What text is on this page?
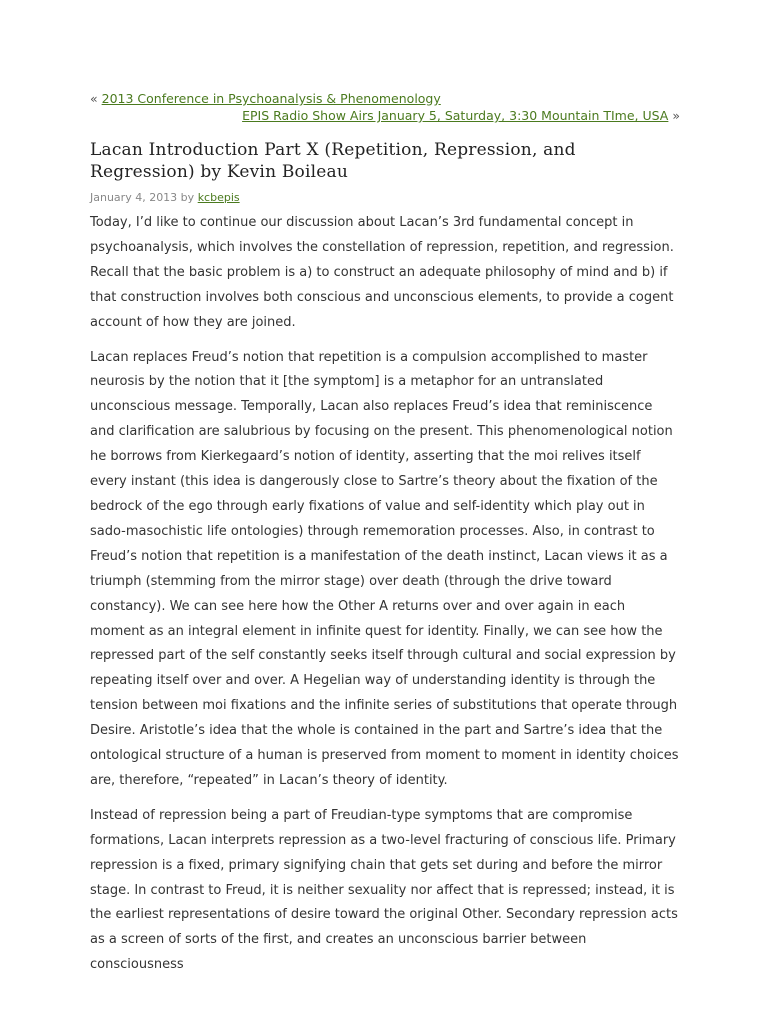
« 2013 Conference in Psychoanalysis & Phenomenology
EPIS Radio Show Airs January 5, Saturday, 3:30 Mountain TIme, USA »
Lacan Introduction Part X (Repetition, Repression, and Regression) by Kevin Boileau
January 4, 2013 by kcbepis

Today, I’d like to continue our discussion about Lacan’s 3rd fundamental concept in psychoanalysis, which involves the constellation of repression, repetition, and regression. Recall that the basic problem is a) to construct an adequate philosophy of mind and b) if that construction involves both conscious and unconscious elements, to provide a cogent account of how they are joined.

Lacan replaces Freud’s notion that repetition is a compulsion accomplished to master neurosis by the notion that it [the symptom] is a metaphor for an untranslated unconscious message. Temporally, Lacan also replaces Freud’s idea that reminiscence and clarification are salubrious by focusing on the present. This phenomenological notion he borrows from Kierkegaard’s notion of identity, asserting that the moi relives itself every instant (this idea is dangerously close to Sartre’s theory about the fixation of the bedrock of the ego through early fixations of value and self-identity which play out in sado-masochistic life ontologies) through rememoration processes. Also, in contrast to Freud’s notion that repetition is a manifestation of the death instinct, Lacan views it as a triumph (stemming from the mirror stage) over death (through the drive toward constancy). We can see here how the Other A returns over and over again in each moment as an integral element in infinite quest for identity. Finally, we can see how the repressed part of the self constantly seeks itself through cultural and social expression by repeating itself over and over. A Hegelian way of understanding identity is through the tension between moi fixations and the infinite series of substitutions that operate through Desire. Aristotle’s idea that the whole is contained in the part and Sartre’s idea that the ontological structure of a human is preserved from moment to moment in identity choices are, therefore, “repeated” in Lacan’s theory of identity.

Instead of repression being a part of Freudian-type symptoms that are compromise formations, Lacan interprets repression as a two-level fracturing of conscious life. Primary repression is a fixed, primary signifying chain that gets set during and before the mirror stage. In contrast to Freud, it is neither sexuality nor affect that is repressed; instead, it is the earliest representations of desire toward the original Other. Secondary repression acts as a screen of sorts of the first, and creates an unconscious barrier between consciousness
